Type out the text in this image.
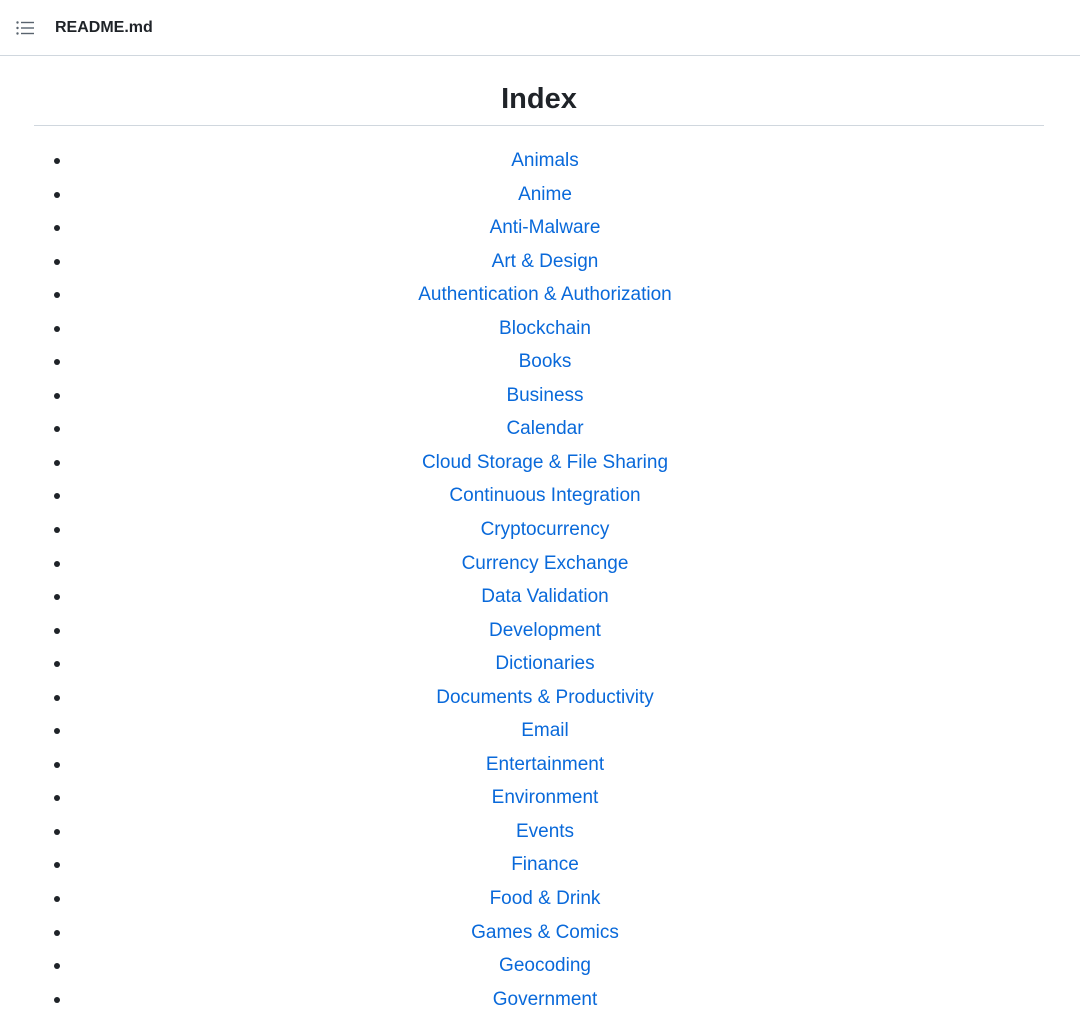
README.md
Index
Animals
Anime
Anti-Malware
Art & Design
Authentication & Authorization
Blockchain
Books
Business
Calendar
Cloud Storage & File Sharing
Continuous Integration
Cryptocurrency
Currency Exchange
Data Validation
Development
Dictionaries
Documents & Productivity
Email
Entertainment
Environment
Events
Finance
Food & Drink
Games & Comics
Geocoding
Government
